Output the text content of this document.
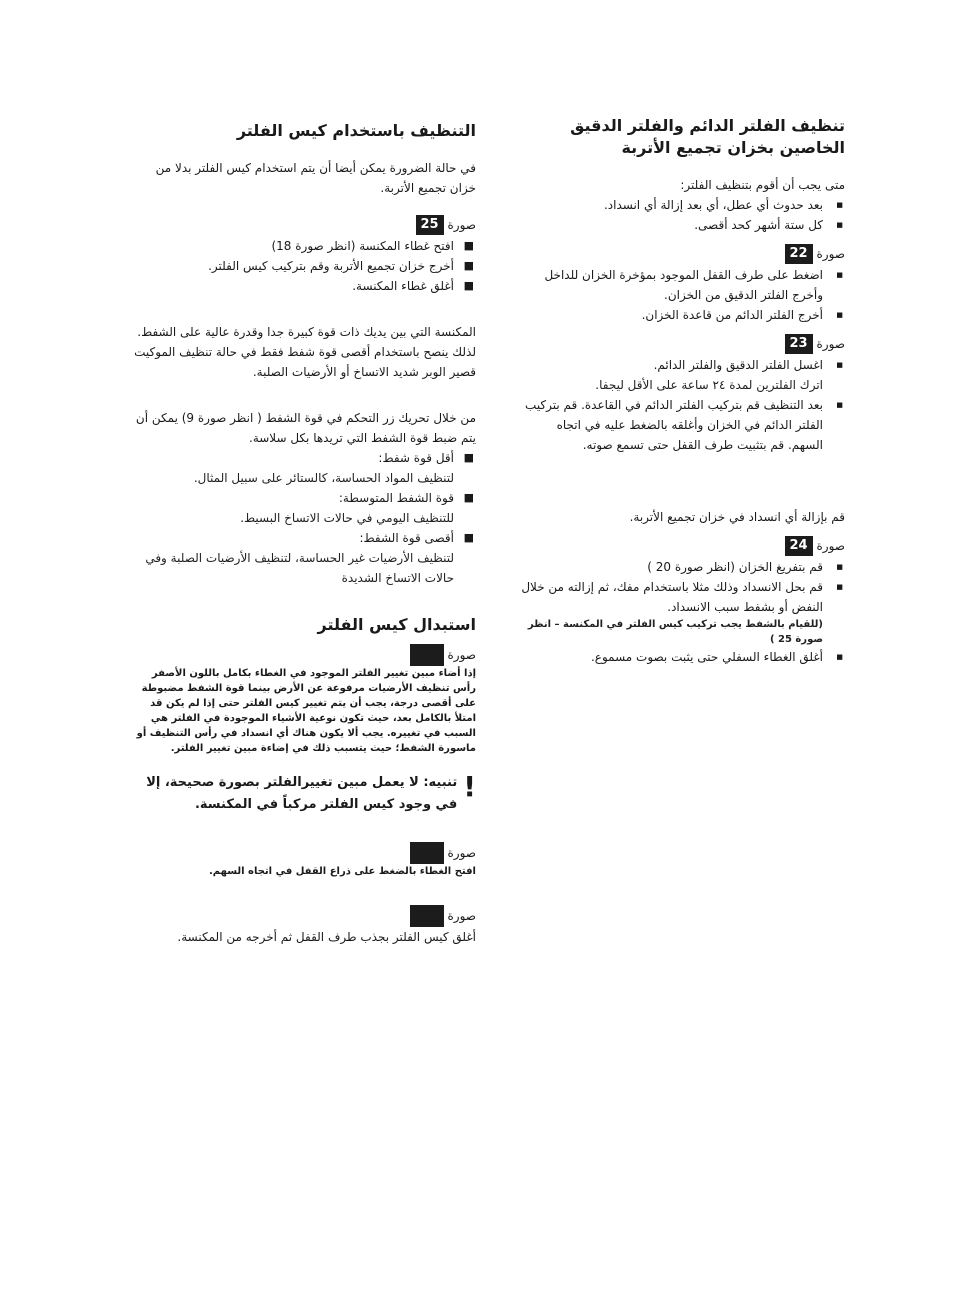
تنظيف الفلتر الدائم والفلتر الدقيق
الخاصين بخزان تجميع الأتربة

متى يجب أن أقوم بتنظيف الفلتر:

■ بعد حدوث أي عطل، أي بعد إزالة أي انسداد.
■ كل ستة أشهر كحد أقصى.
صورة
22
■ اضغط على طرف القفل الموجود بمؤخرة الخزان للداخل وأخرج الفلتر الدقيق من الخزان.
■ أخرج الفلتر الدائم من قاعدة الخزان.
صورة
23
■ اغسل الفلتر الدقيق والفلتر الدائم.

اترك الفلترين لمدة ٢٤ ساعة على الأقل ليجفا.

■ بعد التنظيف قم بتركيب الفلتر الدائم في القاعدة. قم بتركيب الفلتر الدائم في الخزان وأغلقه بالضغط عليه في اتجاه السهم. قم بتثبيت طرف القفل حتى تسمع صوته.

قم بإزالة أي انسداد في خزان تجميع الأتربة.

صورة
24
■ قم بتفريغ الخزان (انظر صورة 20 )
■ قم بحل الانسداد وذلك مثلا باستخدام مفك، ثم إزالته من خلال النفض أو بشفط سبب الانسداد.

(للقيام بالشفط يجب تركيب كيس الفلتر في المكنسة – انظر صورة 25 )

■ أغلق الغطاء السفلي حتى يثبت بصوت مسموع.
التنظيف باستخدام كيس الفلتر

في حالة الضرورة يمكن أيضا أن يتم استخدام كيس الفلتر بدلا من خزان تجميع الأتربة.

صورة
25
■ افتح غطاء المكنسة (انظر صورة 18)
■ أخرج خزان تجميع الأتربة وقم بتركيب كيس الفلتر.
■ أغلق غطاء المكنسة.

المكنسة التي بين يديك ذات قوة كبيرة جدا وقدرة عالية على الشفط. لذلك ينصح باستخدام أقصى قوة شفط فقط في حالة تنظيف الموكيت قصير الوبر شديد الاتساخ أو الأرضيات الصلبة.

من خلال تحريك زر التحكم في قوة الشفط ( انظر صورة 9) يمكن أن يتم ضبط قوة الشفط التي تريدها بكل سلاسة.

■ أقل قوة شفط:

لتنظيف المواد الحساسة، كالستائر على سبيل المثال.

■ قوة الشفط المتوسطة:

للتنظيف اليومي في حالات الاتساخ البسيط.

■ أقصى قوة الشفط:

لتنظيف الأرضيات غير الحساسة، لتنظيف الأرضيات الصلبة وفي حالات الاتساخ الشديدة

استبدال كيس الفلتر
صورة

إذا أضاء مبين تغيير الفلتر الموجود في الغطاء بكامل باللون الأصفر رأس تنظيف الأرضيات مرفوعة عن الأرض بينما قوة الشفط مضبوطة على أقصى درجة، يجب أن يتم تغيير كيس الفلتر حتى إذا لم يكن قد امتلأ بالكامل بعد، حيث تكون نوعية الأشياء الموجودة في الفلتر هي السبب في تغييره. يجب ألا يكون هناك أي انسداد في رأس التنظيف أو ماسورة الشفط؛ حيث يتسبب ذلك في إضاءة مبين تغيير الفلتر.

!
تنبيه: لا يعمل مبين تغييرالفلتر بصورة صحيحة، إلا في وجود كيس الفلتر مركباً في المكنسة.
صورة

افتح الغطاء بالضغط على ذراع القفل في اتجاه السهم.

صورة

أغلق كيس الفلتر بجذب طرف القفل ثم أخرجه من المكنسة.
